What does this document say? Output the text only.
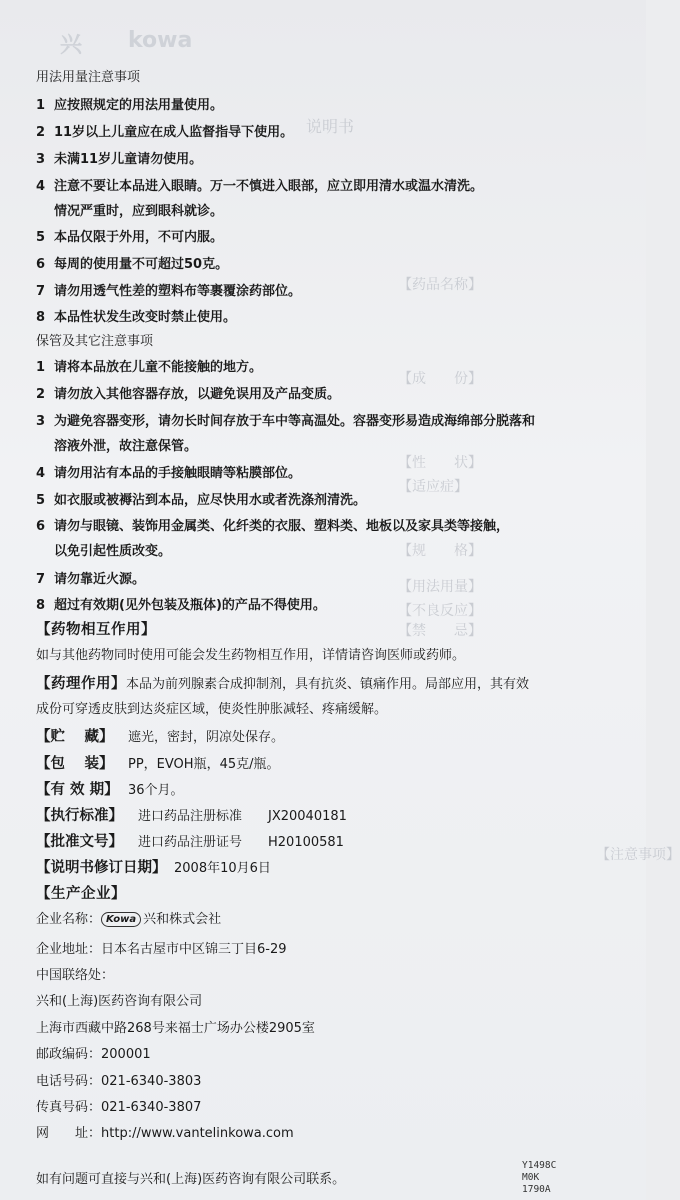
兴 kowa
说明书
【药品名称】
【成　　份】
【性　　状】
【适应症】
【规　　格】
【用法用量】
【不良反应】
【禁　　忌】
【注意事项】
用法用量注意事项
1 应按照规定的用法用量使用。
2 11岁以上儿童应在成人监督指导下使用。
3 未满11岁儿童请勿使用。
4 注意不要让本品进入眼睛。万一不慎进入眼部，应立即用清水或温水清洗。
情况严重时，应到眼科就诊。
5 本品仅限于外用，不可内服。
6 每周的使用量不可超过50克。
7 请勿用透气性差的塑料布等裹覆涂药部位。
8 本品性状发生改变时禁止使用。
保管及其它注意事项
1 请将本品放在儿童不能接触的地方。
2 请勿放入其他容器存放，以避免误用及产品变质。
3 为避免容器变形，请勿长时间存放于车中等高温处。容器变形易造成海绵部分脱落和
溶液外泄，故注意保管。
4 请勿用沾有本品的手接触眼睛等粘膜部位。
5 如衣服或被褥沾到本品，应尽快用水或者洗涤剂清洗。
6 请勿与眼镜、装饰用金属类、化纤类的衣服、塑料类、地板以及家具类等接触，
以免引起性质改变。
7 请勿靠近火源。
8 超过有效期(见外包装及瓶体)的产品不得使用。
【药物相互作用】
如与其他药物同时使用可能会发生药物相互作用，详情请咨询医师或药师。
【药理作用】本品为前列腺素合成抑制剂，具有抗炎、镇痛作用。局部应用，其有效
成份可穿透皮肤到达炎症区域，使炎性肿胀减轻、疼痛缓解。
【贮　 藏】 遮光，密封，阴凉处保存。
【包　 装】 PP，EVOH瓶，45克/瓶。
【有 效 期】 36个月。
【执行标准】 进口药品注册标准　　JX20040181
【批准文号】 进口药品注册证号　　H20100581
【说明书修订日期】 2008年10月6日
【生产企业】
企业名称： Kowa 兴和株式会社
企业地址：日本名古屋市中区锦三丁目6-29
中国联络处：
兴和(上海)医药咨询有限公司
上海市西藏中路268号来福士广场办公楼2905室
邮政编码：200001
电话号码：021-6340-3803
传真号码：021-6340-3807
网　　址：http://www.vantelinkowa.com
如有问题可直接与兴和(上海)医药咨询有限公司联系。
Y1498C
M0K
1790A
